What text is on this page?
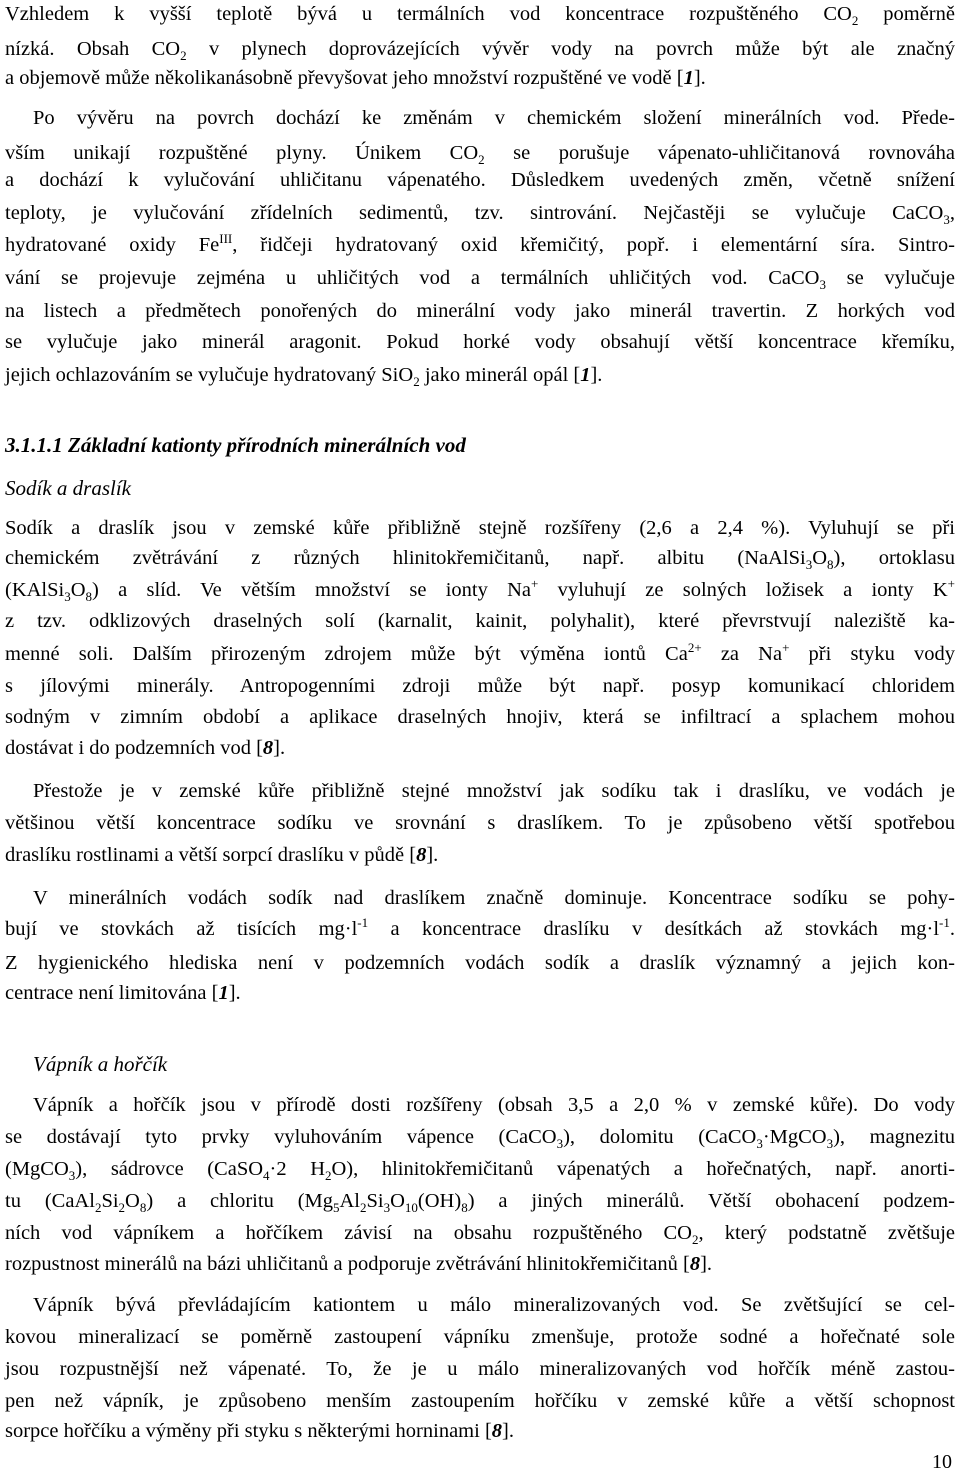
Vzhledem k vyšší teplotě bývá u termálních vod koncentrace rozpuštěného $CO_2$ poměrně
nízká. Obsah $CO_2$ v plynech doprovázejících vývěr vody na povrch může být ale značný
a objemově může několikanásobně převyšovat jeho množství rozpuštěné ve vodě [1].
Po vývěru na povrch dochází ke změnám v chemickém složení minerálních vod. Přede-
vším unikají rozpuštěné plyny. Únikem $CO_2$ se porušuje vápenato-uhličitanová rovnováha
a dochází k vylučování uhličitanu vápenatého. Důsledkem uvedených změn, včetně snížení
teploty, je vylučování zřídelních sedimentů, tzv. sintrování. Nejčastěji se vylučuje CaCO$_3$,
hydratované oxidy $Fe^{III}$, řidčeji hydratovaný oxid křemičitý, popř. i elementární síra. Sintro-
vání se projevuje zejména u uhličitých vod a termálních uhličitých vod. CaCO$_3$ se vylučuje
na listech a předmětech ponořených do minerální vody jako minerál travertin. Z horkých vod
se vylučuje jako minerál aragonit. Pokud horké vody obsahují větší koncentrace křemíku,
jejich ochlazováním se vylučuje hydratovaný SiO$_2$ jako minerál opál [1].
3.1.1.1 Základní kationty přírodních minerálních vod
Sodík a draslík
Sodík a draslík jsou v zemské kůře přibližně stejně rozšířeny (2,6 a 2,4 %). Vyluhují se při
chemickém zvětrávání z různých hlinitokřemičitanů, např. albitu $(NaAlSi_3O_8)$, ortoklasu
$(KAlSi_3O_8)$ a slíd. Ve větším množství se ionty Na+ vyluhují ze solných ložisek a ionty K+
z tzv. odklizových draselných solí (karnalit, kainit, polyhalit), které převrstvují naleziště ka-
menné soli. Dalším přirozeným zdrojem může být výměna iontů $Ca^{2+}$ za Na+ při styku vody
s jílovými minerály. Antropogenními zdroji může být např. posyp komunikací chloridem
sodným v zimním období a aplikace draselných hnojiv, která se infiltrací a splachem mohou
dostávat i do podzemních vod [8].
Přestože je v zemské kůře přibližně stejné množství jak sodíku tak i draslíku, ve vodách je
většinou větší koncentrace sodíku ve srovnání s draslíkem. To je způsobeno větší spotřebou
draslíku rostlinami a větší sorpcí draslíku v půdě [8].
V minerálních vodách sodík nad draslíkem značně dominuje. Koncentrace sodíku se pohy-
bují ve stovkách až tisících $mg\cdot l^{-1}$ a koncentrace draslíku v desítkách až stovkách $mg\cdot l^{-1}$.
Z hygienického hlediska není v podzemních vodách sodík a draslík významný a jejich kon-
centrace není limitována [1].
Vápník a hořčík
Vápník a hořčík jsou v přírodě dosti rozšířeny (obsah 3,5 a 2,0 % v zemské kůře). Do vody
se dostávají tyto prvky vyluhováním vápence (CaCO$_3$), dolomitu (CaCO$_3$·MgCO$_3$), magnezitu
(MgCO$_3$), sádrovce (CaSO$_4$·2 $H_2O$), hlinitokřemičitanů vápenatých a hořečnatých, např. anorti-
tu $(CaAl_2Si_2O_8)$ a chloritu $(Mg_5Al_2Si_3O_{10}(OH)_8)$ a jiných minerálů. Větší obohacení podzem-
ních vod vápníkem a hořčíkem závisí na obsahu rozpuštěného $CO_2$, který podstatně zvětšuje
rozpustnost minerálů na bázi uhličitanů a podporuje zvětrávání hlinitokřemičitanů [8].
Vápník bývá převládajícím kationtem u málo mineralizovaných vod. Se zvětšující se cel-
kovou mineralizací se poměrně zastoupení vápníku zmenšuje, protože sodné a hořečnaté sole
jsou rozpustnější než vápenaté. To, že je u málo mineralizovaných vod hořčík méně zastou-
pen než vápník, je způsobeno menším zastoupením hořčíku v zemské kůře a větší schopnost
sorpce hořčíku a výměny při styku s některými horninami [8].
10
